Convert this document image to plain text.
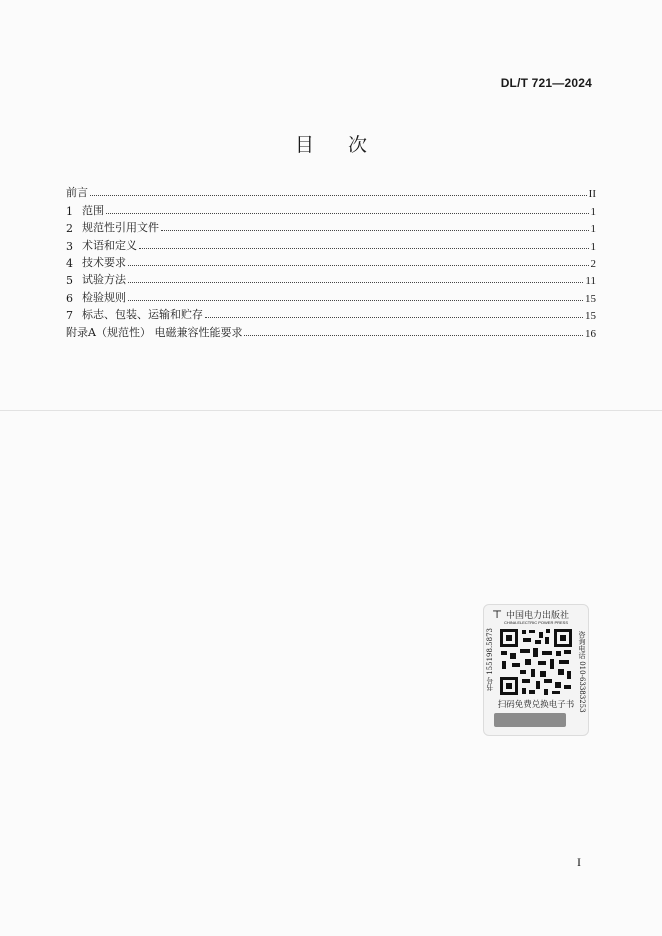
DL/T 721—2024
目次
前言	II
1 范围	1
2 规范性引用文件	1
3 术语和定义	1
4 技术要求	2
5 试验方法	11
6 检验规则	15
7 标志、包装、运输和贮存	15
附录A（规范性） 电磁兼容性能要求	16
⊤ 中国电力出版社
CHINA ELECTRIC POWER PRESS
书号 155198.5873	咨询电话 010-63383253
扫码免费兑换电子书
I
